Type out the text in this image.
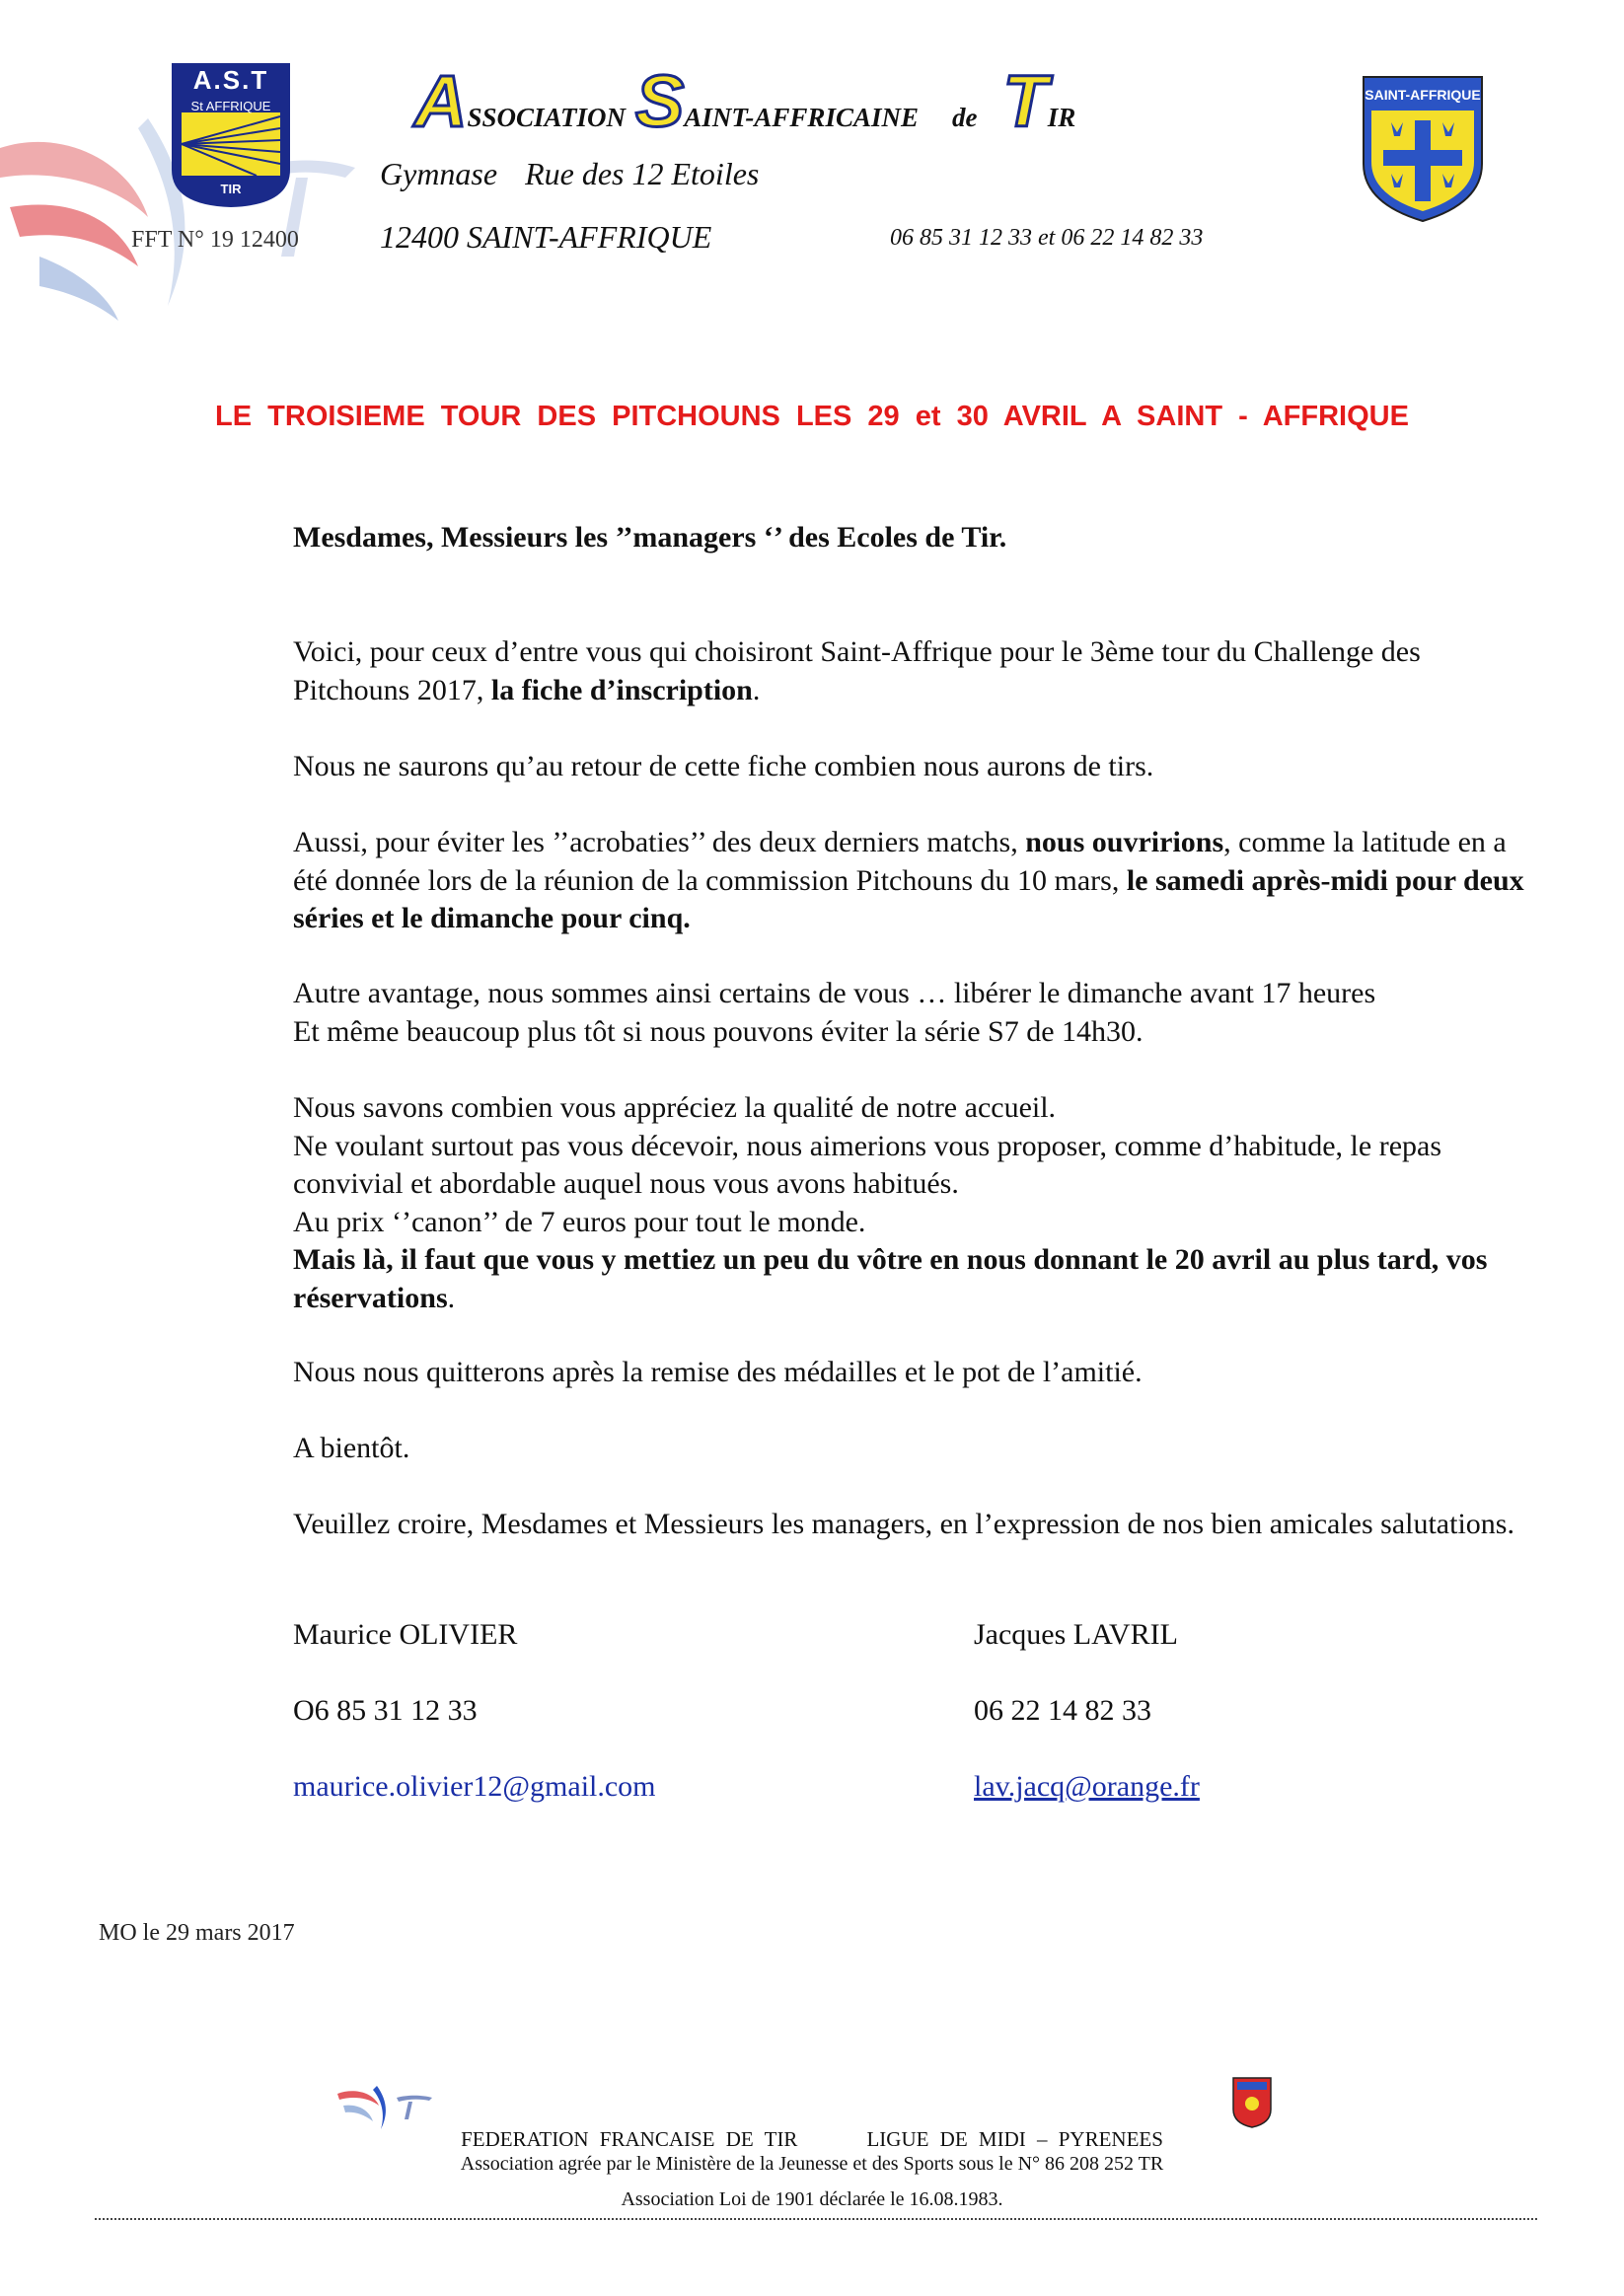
A.S.T
St AFFRIQUE
TIR
ASSOCIATION SAINT-AFFRICAINE de TIR
Gymnase Rue des 12 Etoiles
12400 SAINT-AFFRIQUE	06 85 31 12 33 et 06 22 14 82 33
FFT N° 19 12400
SAINT-AFFRIQUE
LE TROISIEME TOUR DES PITCHOUNS LES 29 et 30 AVRIL A SAINT - AFFRIQUE
Mesdames, Messieurs les ’’managers ‘’ des Ecoles de Tir.
Voici, pour ceux d’entre vous qui choisiront Saint-Affrique pour le 3ème tour du Challenge des Pitchouns 2017, la fiche d’inscription.
Nous ne saurons qu’au retour de cette fiche combien nous aurons de tirs.
Aussi, pour éviter les ’’acrobaties’’ des deux derniers matchs, nous ouvririons, comme la latitude en a été donnée lors de la réunion de la commission Pitchouns du 10 mars, le samedi après-midi pour deux séries et le dimanche pour cinq.
Autre avantage, nous sommes ainsi certains de vous … libérer le dimanche avant 17 heures
Et même beaucoup plus tôt si nous pouvons éviter la série S7 de 14h30.
Nous savons combien vous appréciez la qualité de notre accueil.
Ne voulant surtout pas vous décevoir, nous aimerions vous proposer, comme d’habitude, le repas convivial et abordable auquel nous vous avons habitués.
Au prix ‘’canon’’ de 7 euros pour tout le monde.
Mais là, il faut que vous y mettiez un peu du vôtre en nous donnant le 20 avril au plus tard, vos réservations.
Nous nous quitterons après la remise des médailles et le pot de l’amitié.
A bientôt.
Veuillez croire, Mesdames et Messieurs les managers, en l’expression de nos bien amicales salutations.
Maurice OLIVIER	Jacques LAVRIL
O6 85 31 12 33	06 22 14 82 33
maurice.olivier12@gmail.com	lav.jacq@orange.fr
MO le 29 mars 2017
FEDERATION FRANCAISE DE TIR	LIGUE DE MIDI – PYRENEES
Association agrée par le Ministère de la Jeunesse et des Sports sous le N° 86 208 252 TR
Association Loi de 1901 déclarée le 16.08.1983.
